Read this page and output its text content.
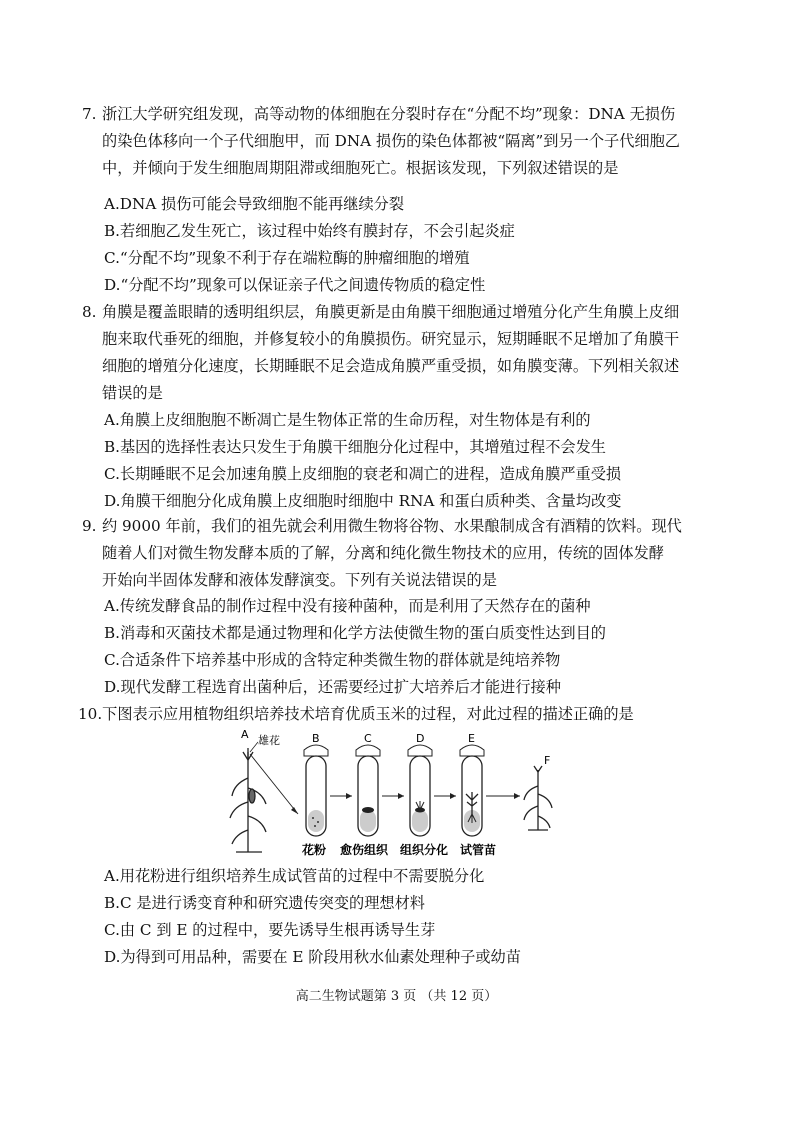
7. 浙江大学研究组发现，高等动物的体细胞在分裂时存在“分配不均”现象：DNA 无损伤
的染色体移向一个子代细胞甲，而 DNA 损伤的染色体都被“隔离”到另一个子代细胞乙
中，并倾向于发生细胞周期阻滞或细胞死亡。根据该发现，下列叙述错误的是
A.DNA 损伤可能会导致细胞不能再继续分裂
B.若细胞乙发生死亡，该过程中始终有膜封存，不会引起炎症
C.“分配不均”现象不利于存在端粒酶的肿瘤细胞的增殖
D.“分配不均”现象可以保证亲子代之间遗传物质的稳定性
8. 角膜是覆盖眼睛的透明组织层，角膜更新是由角膜干细胞通过增殖分化产生角膜上皮细
胞来取代垂死的细胞，并修复较小的角膜损伤。研究显示，短期睡眠不足增加了角膜干
细胞的增殖分化速度，长期睡眠不足会造成角膜严重受损，如角膜变薄。下列相关叙述
错误的是
A.角膜上皮细胞胞不断凋亡是生物体正常的生命历程，对生物体是有利的
B.基因的选择性表达只发生于角膜干细胞分化过程中，其增殖过程不会发生
C.长期睡眠不足会加速角膜上皮细胞的衰老和凋亡的进程，造成角膜严重受损
D.角膜干细胞分化成角膜上皮细胞时细胞中 RNA 和蛋白质种类、含量均改变
9. 约 9000 年前，我们的祖先就会利用微生物将谷物、水果酿制成含有酒精的饮料。现代
随着人们对微生物发酵本质的了解，分离和纯化微生物技术的应用，传统的固体发酵
开始向半固体发酵和液体发酵演变。下列有关说法错误的是
A.传统发酵食品的制作过程中没有接种菌种，而是利用了天然存在的菌种
B.消毒和灭菌技术都是通过物理和化学方法使微生物的蛋白质变性达到目的
C.合适条件下培养基中形成的含特定种类微生物的群体就是纯培养物
D.现代发酵工程选育出菌种后，还需要经过扩大培养后才能进行接种
10.下图表示应用植物组织培养技术培育优质玉米的过程，对此过程的描述正确的是
A 雄花	B	C	D	E
F
花粉 愈伤组织 组织分化 试管苗
A.用花粉进行组织培养生成试管苗的过程中不需要脱分化
B.C 是进行诱变育种和研究遗传突变的理想材料
C.由 C 到 E 的过程中，要先诱导生根再诱导生芽
D.为得到可用品种，需要在 E 阶段用秋水仙素处理种子或幼苗
高二生物试题第 3 页 （共 12 页）
